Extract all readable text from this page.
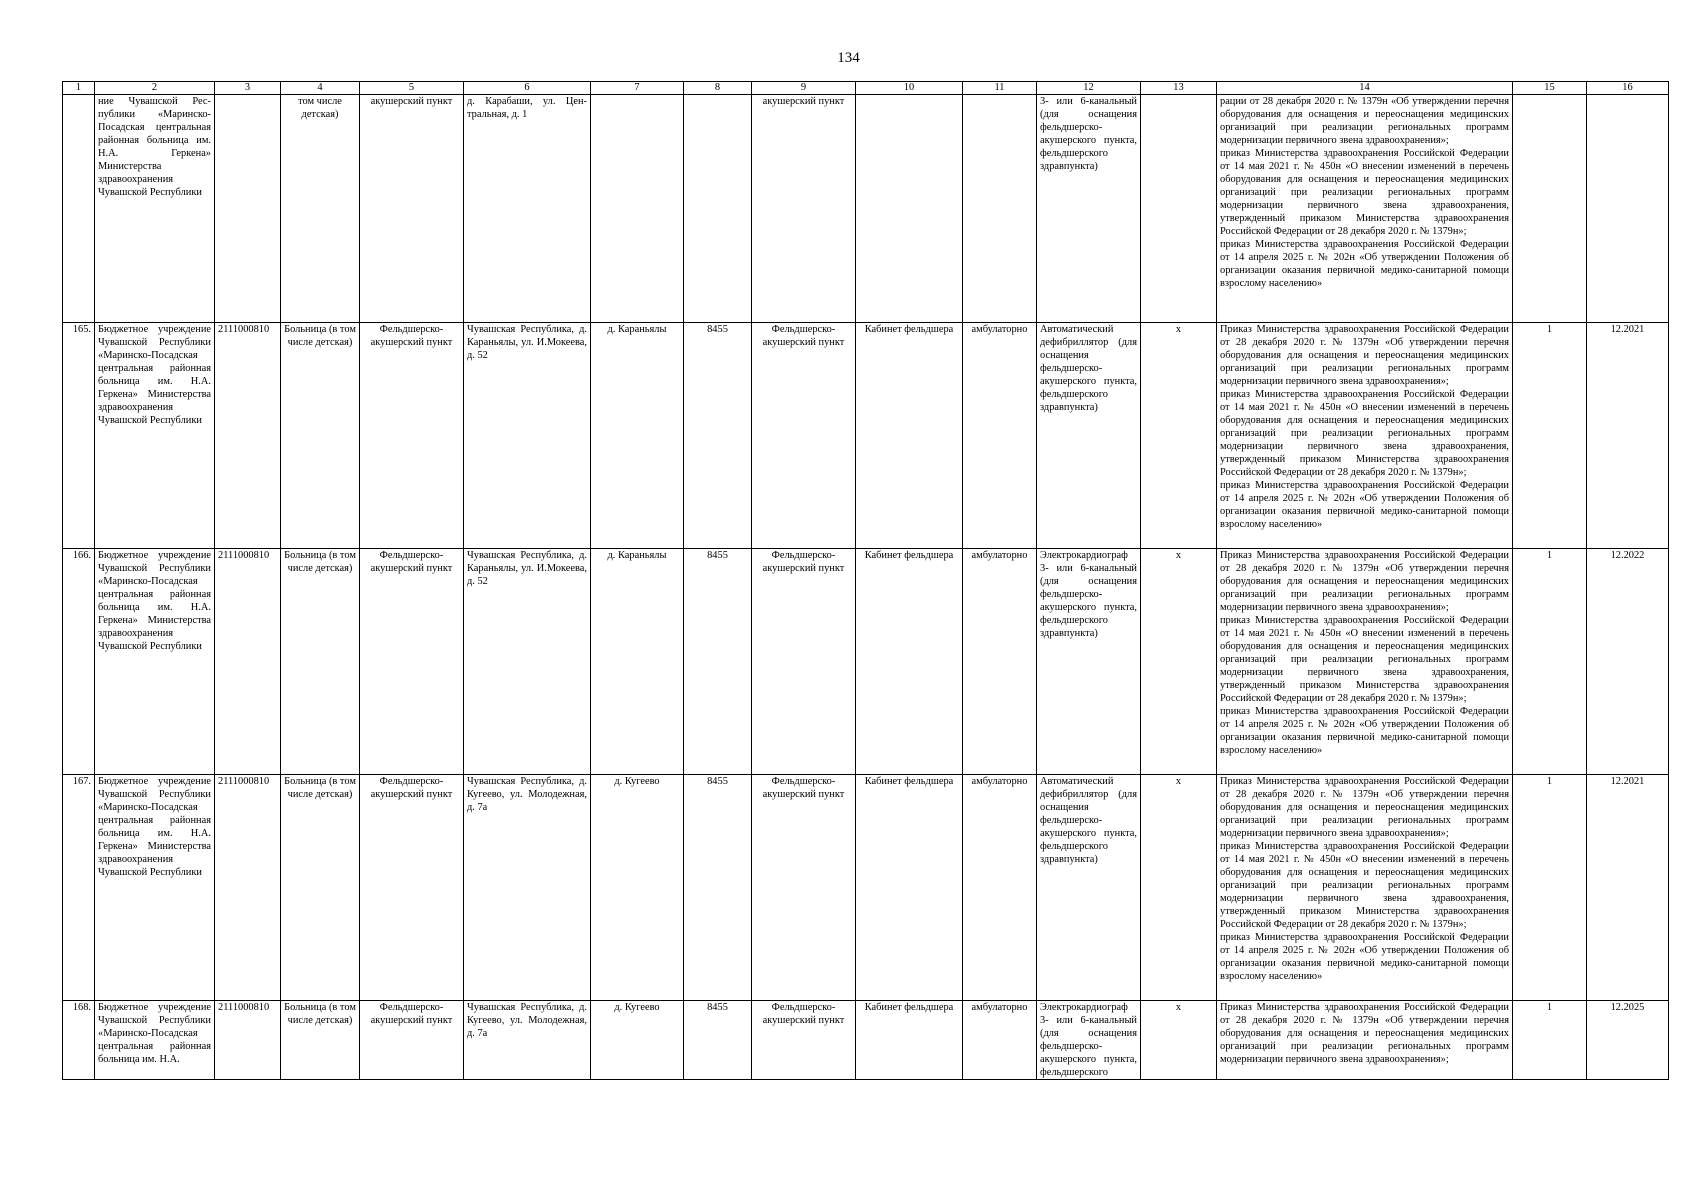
134
1	2	3	4	5	6	7	8	9	10	11	12	13	14	15	16
	ние Чувашской Республики «Маринско-Посадская центральная районная больница им. Н.А. Геркена» Министерства здравоохранения Чувашской Республики		том числе детская)	акушерский пункт	д. Карабаши, ул. Центральная, д. 1			акушерский пункт			3- или 6-канальный (для оснащения фельдшерско-акушерского пункта, фельдшерского здравпункта)		рации от 28 декабря 2020 г. № 1379н «Об утверждении перечня оборудования для оснащения и переоснащения медицинских организаций при реализации региональных программ модернизации первичного звена здравоохранения»;
приказ Министерства здравоохранения Российской Федерации от 14 мая 2021 г. № 450н «О внесении изменений в перечень оборудования для оснащения и переоснащения медицинских организаций при реализации региональных программ модернизации первичного звена здравоохранения, утвержденный приказом Министерства здравоохранения Российской Федерации от 28 декабря 2020 г. № 1379н»;
приказ Министерства здравоохранения Российской Федерации от 14 апреля 2025 г. № 202н «Об утверждении Положения об организации оказания первичной медико-санитарной помощи взрослому населению»		
165.	Бюджетное учреждение Чувашской Республики «Маринско-Посадская центральная районная больница им. Н.А. Геркена» Министерства здравоохранения Чувашской Республики	2111000810	Больница (в том числе детская)	Фельдшерско-акушерский пункт	Чувашская Республика, д. Караньялы, ул. И.Мокеева, д. 52	д. Караньялы	8455	Фельдшерско-акушерский пункт	Кабинет фельдшера	амбулаторно	Автоматический дефибриллятор (для оснащения фельдшерско-акушерского пункта, фельдшерского здравпункта)	x	Приказ Министерства здравоохранения Российской Федерации от 28 декабря 2020 г. № 1379н «Об утверждении перечня оборудования для оснащения и переоснащения медицинских организаций при реализации региональных программ модернизации первичного звена здравоохранения»;
приказ Министерства здравоохранения Российской Федерации от 14 мая 2021 г. № 450н «О внесении изменений в перечень оборудования для оснащения и переоснащения медицинских организаций при реализации региональных программ модернизации первичного звена здравоохранения, утвержденный приказом Министерства здравоохранения Российской Федерации от 28 декабря 2020 г. № 1379н»;
приказ Министерства здравоохранения Российской Федерации от 14 апреля 2025 г. № 202н «Об утверждении Положения об организации оказания первичной медико-санитарной помощи взрослому населению»	1	12.2021
166.	Бюджетное учреждение Чувашской Республики «Маринско-Посадская центральная районная больница им. Н.А. Геркена» Министерства здравоохранения Чувашской Республики	2111000810	Больница (в том числе детская)	Фельдшерско-акушерский пункт	Чувашская Республика, д. Караньялы, ул. И.Мокеева, д. 52	д. Караньялы	8455	Фельдшерско-акушерский пункт	Кабинет фельдшера	амбулаторно	Электрокардиограф 3- или 6-канальный (для оснащения фельдшерско-акушерского пункта, фельдшерского здравпункта)	x	Приказ Министерства здравоохранения Российской Федерации от 28 декабря 2020 г. № 1379н «Об утверждении перечня оборудования для оснащения и переоснащения медицинских организаций при реализации региональных программ модернизации первичного звена здравоохранения»;
приказ Министерства здравоохранения Российской Федерации от 14 мая 2021 г. № 450н «О внесении изменений в перечень оборудования для оснащения и переоснащения медицинских организаций при реализации региональных программ модернизации первичного звена здравоохранения, утвержденный приказом Министерства здравоохранения Российской Федерации от 28 декабря 2020 г. № 1379н»;
приказ Министерства здравоохранения Российской Федерации от 14 апреля 2025 г. № 202н «Об утверждении Положения об организации оказания первичной медико-санитарной помощи взрослому населению»	1	12.2022
167.	Бюджетное учреждение Чувашской Республики «Маринско-Посадская центральная районная больница им. Н.А. Геркена» Министерства здравоохранения Чувашской Республики	2111000810	Больница (в том числе детская)	Фельдшерско-акушерский пункт	Чувашская Республика, д. Кугеево, ул. Молодежная, д. 7а	д. Кугеево	8455	Фельдшерско-акушерский пункт	Кабинет фельдшера	амбулаторно	Автоматический дефибриллятор (для оснащения фельдшерско-акушерского пункта, фельдшерского здравпункта)	x	Приказ Министерства здравоохранения Российской Федерации от 28 декабря 2020 г. № 1379н «Об утверждении перечня оборудования для оснащения и переоснащения медицинских организаций при реализации региональных программ модернизации первичного звена здравоохранения»;
приказ Министерства здравоохранения Российской Федерации от 14 мая 2021 г. № 450н «О внесении изменений в перечень оборудования для оснащения и переоснащения медицинских организаций при реализации региональных программ модернизации первичного звена здравоохранения, утвержденный приказом Министерства здравоохранения Российской Федерации от 28 декабря 2020 г. № 1379н»;
приказ Министерства здравоохранения Российской Федерации от 14 апреля 2025 г. № 202н «Об утверждении Положения об организации оказания первичной медико-санитарной помощи взрослому населению»	1	12.2021
168.	Бюджетное учреждение Чувашской Республики «Маринско-Посадская центральная районная больница им. Н.А.	2111000810	Больница (в том числе детская)	Фельдшерско-акушерский пункт	Чувашская Республика, д. Кугеево, ул. Молодежная, д. 7а	д. Кугеево	8455	Фельдшерско-акушерский пункт	Кабинет фельдшера	амбулаторно	Электрокардиограф 3- или 6-канальный (для оснащения фельдшерско-акушерского пункта, фельдшерского	x	Приказ Министерства здравоохранения Российской Федерации от 28 декабря 2020 г. № 1379н «Об утверждении перечня оборудования для оснащения и переоснащения медицинских организаций при реализации региональных программ модернизации первичного звена здравоохранения»;	1	12.2025
